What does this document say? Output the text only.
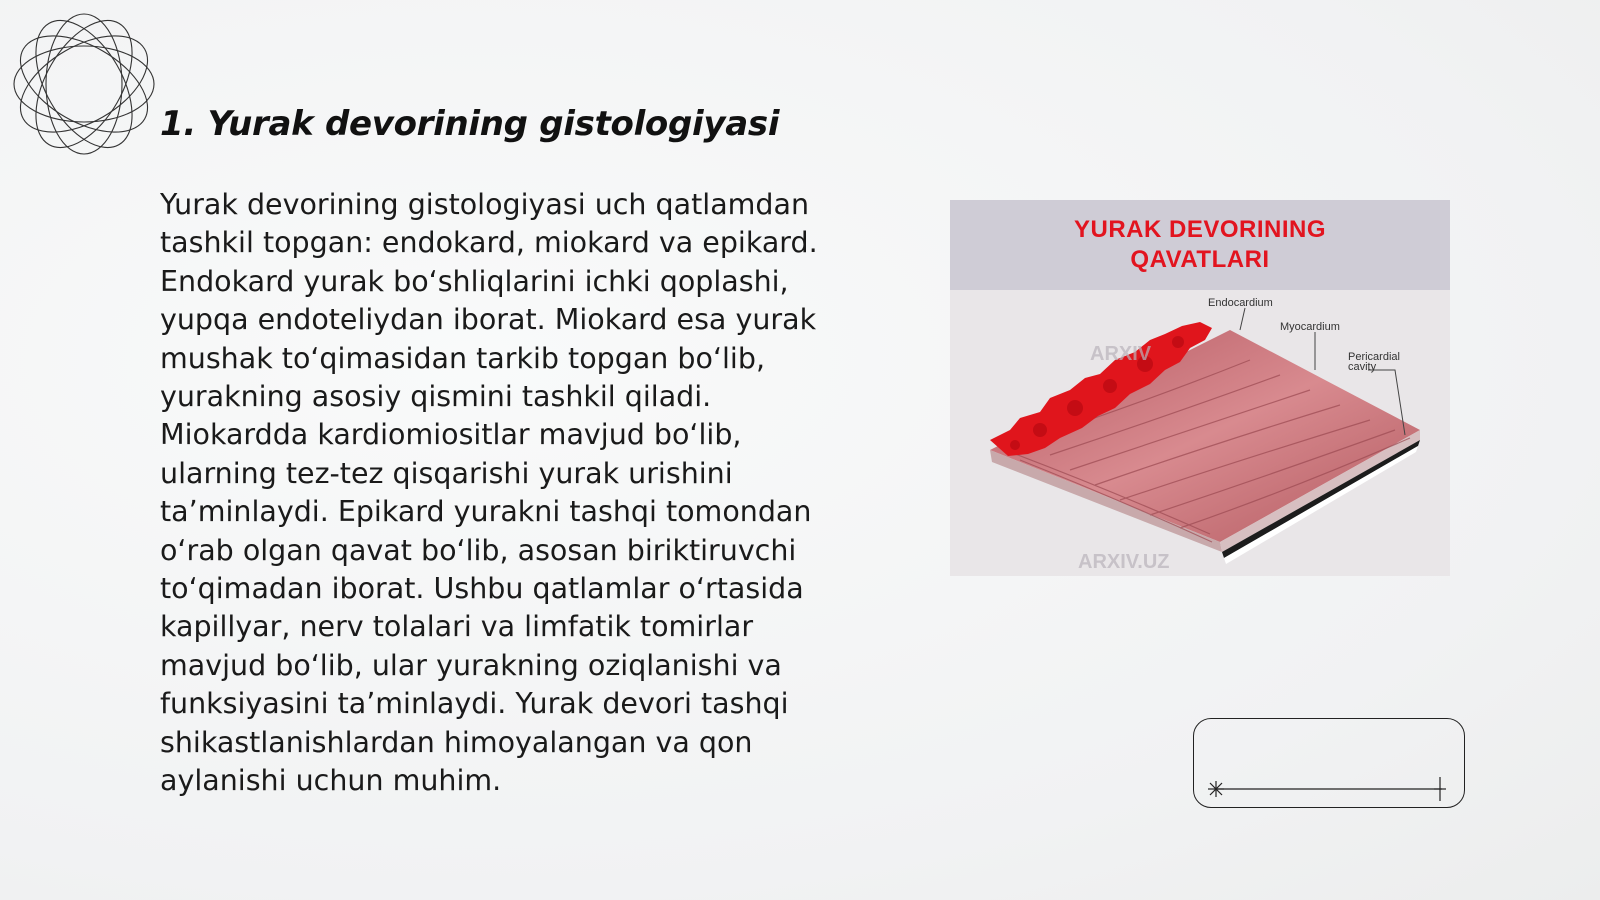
1. Yurak devorining gistologiyasi

Yurak devorining gistologiyasi uch qatlamdan tashkil topgan: endokard, miokard va epikard. Endokard yurak boʻshliqlarini ichki qoplashi, yupqa endoteliydan iborat. Miokard esa yurak mushak toʻqimasidan tarkib topgan boʻlib, yurakning asosiy qismini tashkil qiladi. Miokardda kardiomiositlar mavjud boʻlib, ularning tez-tez qisqarishi yurak urishini taʼminlaydi. Epikard yurakni tashqi tomondan oʻrab olgan qavat boʻlib, asosan biriktiruvchi toʻqimadan iborat. Ushbu qatlamlar oʻrtasida kapillyar, nerv tolalari va limfatik tomirlar mavjud boʻlib, ular yurakning oziqlanishi va funksiyasini taʼminlaydi. Yurak devori tashqi shikastlanishlardan himoyalangan va qon aylanishi uchun muhim.

YURAK DEVORINING
QAVATLARI
Endocardium
Myocardium
Pericardial
cavity
ARXIV
ARXIV.UZ
